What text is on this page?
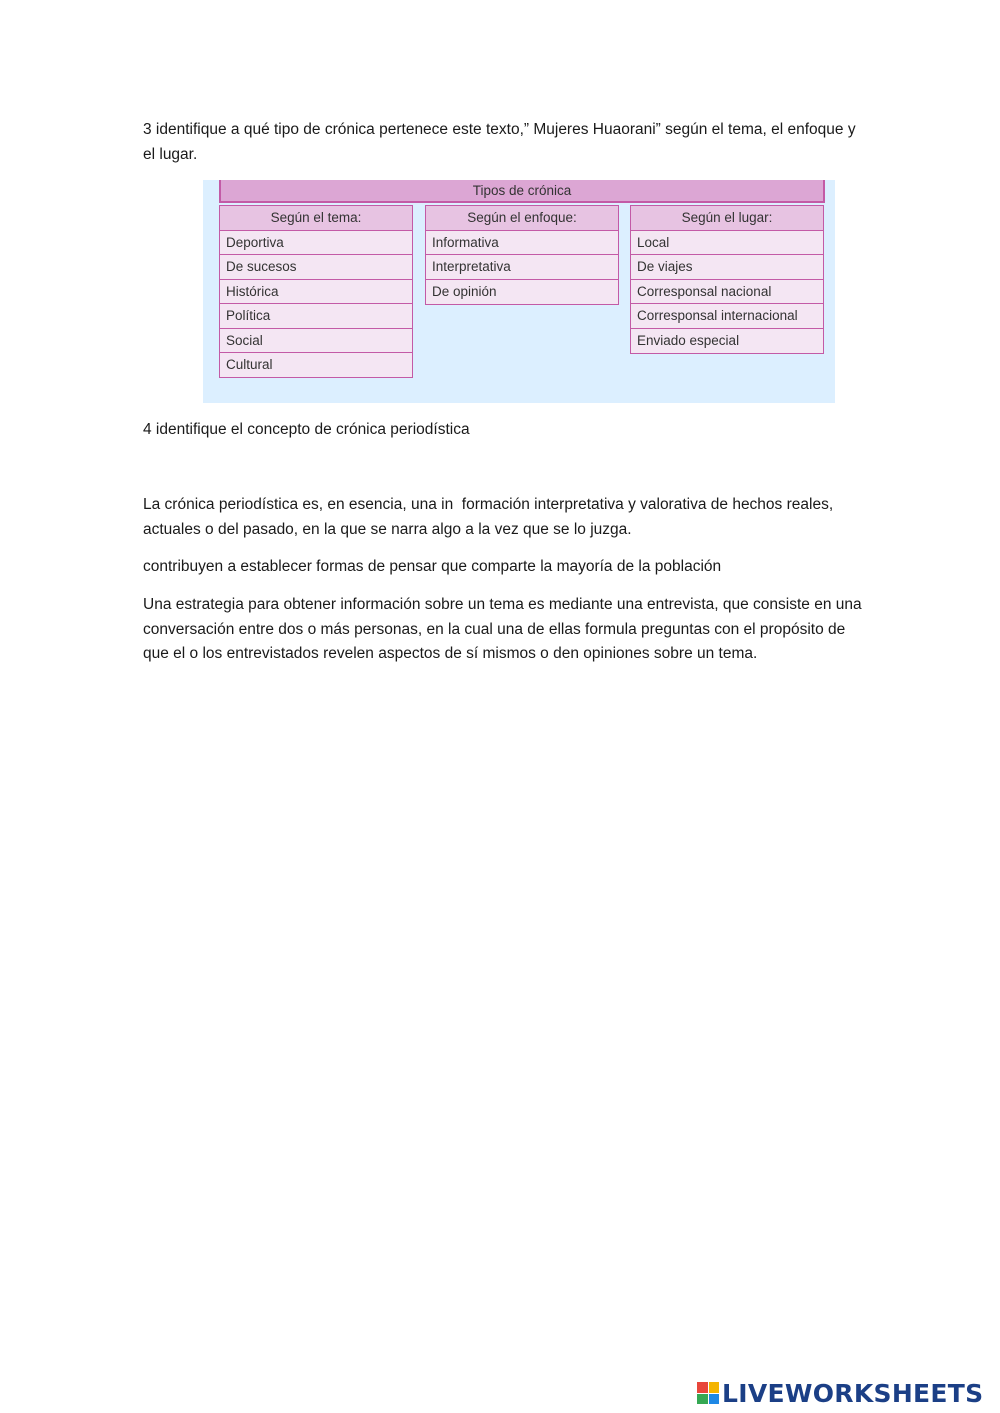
3 identifique a qué tipo de crónica pertenece este texto,” Mujeres Huaorani” según el tema, el enfoque y el lugar.

Tipos de crónica
Según el tema:
Deportiva
De sucesos
Histórica
Política
Social
Cultural
Según el enfoque:
Informativa
Interpretativa
De opinión
Según el lugar:
Local
De viajes
Corresponsal nacional
Corresponsal internacional
Enviado especial

4 identifique el concepto de crónica periodística

La crónica periodística es, en esencia, una in  formación interpretativa y valorativa de hechos reales, actuales o del pasado, en la que se narra algo a la vez que se lo juzga.

contribuyen a establecer formas de pensar que comparte la mayoría de la población

Una estrategia para obtener información sobre un tema es mediante una entrevista, que consiste en una conversación entre dos o más personas, en la cual una de ellas formula preguntas con el propósito de que el o los entrevistados revelen aspectos de sí mismos o den opiniones sobre un tema.

LIVEWORKSHEETS
